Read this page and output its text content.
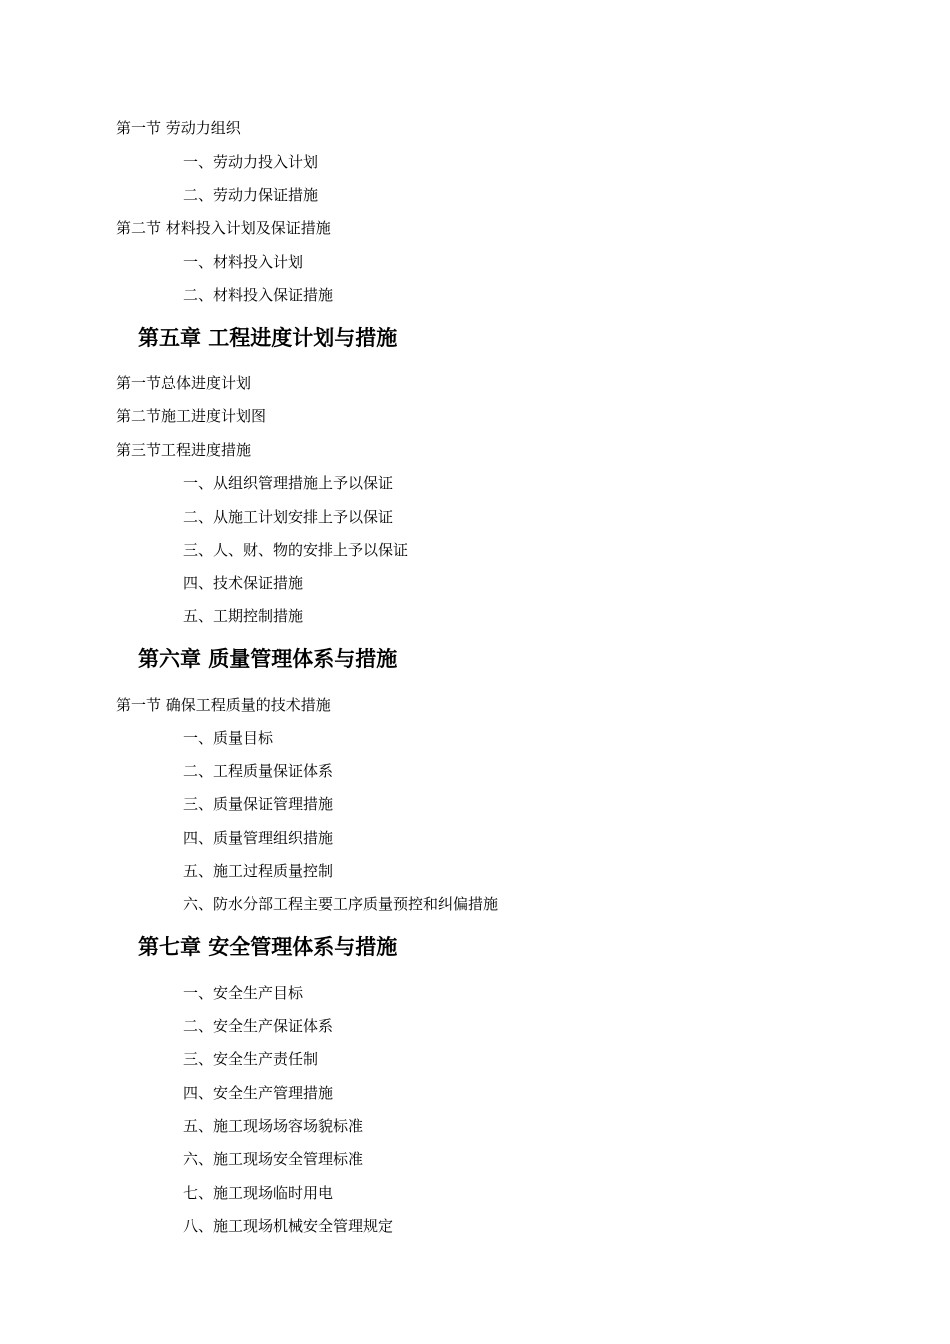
第一节 劳动力组织
一、劳动力投入计划
二、劳动力保证措施
第二节 材料投入计划及保证措施
一、材料投入计划
二、材料投入保证措施
第五章 工程进度计划与措施
第一节总体进度计划
第二节施工进度计划图
第三节工程进度措施
一、从组织管理措施上予以保证
二、从施工计划安排上予以保证
三、人、财、物的安排上予以保证
四、技术保证措施
五、工期控制措施
第六章 质量管理体系与措施
第一节 确保工程质量的技术措施
一、质量目标
二、工程质量保证体系
三、质量保证管理措施
四、质量管理组织措施
五、施工过程质量控制
六、防水分部工程主要工序质量预控和纠偏措施
第七章 安全管理体系与措施
一、安全生产目标
二、安全生产保证体系
三、安全生产责任制
四、安全生产管理措施
五、施工现场场容场貌标准
六、施工现场安全管理标准
七、施工现场临时用电
八、施工现场机械安全管理规定
